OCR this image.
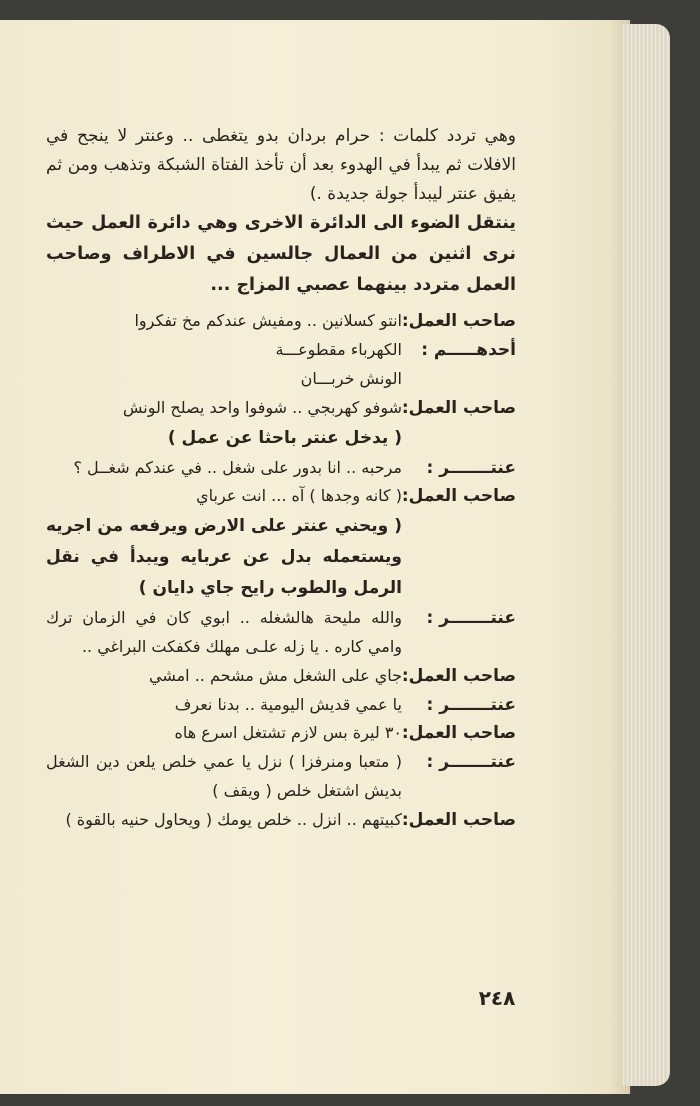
وهي تردد كلمات : حرام بردان بدو يتغطى .. وعنتر لا ينجح في الافلات ثم يبدأ في الهدوء بعد أن تأخذ الفتاة الشبكة وتذهب ومن ثم يفيق عنتر ليبدأ جولة جديدة .)

ينتقل الضوء الى الدائرة الاخرى وهي دائرة العمل حيث نرى اثنين من العمال جالسين في الاطراف وصاحب العمل متردد بينهما عصبي المزاج ...

صاحب العمل:
انتو كسلانين .. ومفيش عندكم مخ تفكروا
أحدهـــــم :
الكهرباء مقطوعـــة
الونش خربـــان
صاحب العمل:
شوفو كهربجي .. شوفوا واحد يصلح الونش
( يدخل عنتر باحثا عن عمل )
عنتـــــــر :
مرحبه .. انا بدور على شغل .. في عندكم شغــل ؟
صاحب العمل:
( كانه وجدها ) آه ... انت عرباي
( ويحني عنتر على الارض ويرفعه من اجريه ويستعمله بدل عن عربايه ويبدأ في نقل الرمل والطوب رايح جاي دايان )
عنتـــــــر :
والله مليحة هالشغله .. ابوي كان في الزمان ترك وامي كاره . يا زله علـى مهلك فكفكت البراغي ..
صاحب العمل:
جاي على الشغل مش مشحم .. امشي
عنتـــــــر :
يا عمي قديش اليومية .. بدنا نعرف
صاحب العمل:
٣٠ ليرة بس لازم تشتغل اسرع هاه
عنتـــــــر :
( متعبا ومنرفزا ) نزل يا عمي خلص يلعن دين الشغل بديش اشتغل خلص ( ويقف )
صاحب العمل:
كبيتهم .. انزل .. خلص يومك ( ويحاول حنيه بالقوة )
٢٤٨
